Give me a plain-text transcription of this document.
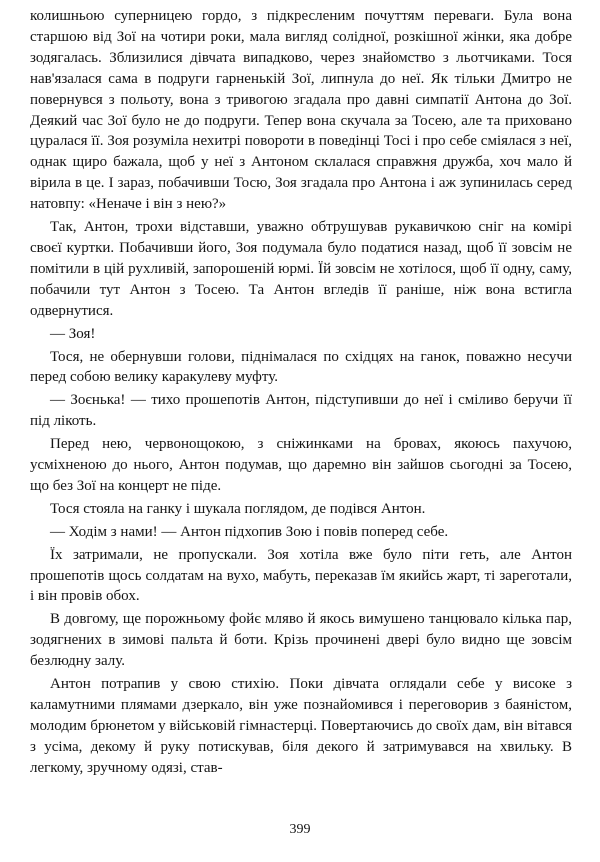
колишньою суперницею гордо, з підкресленим почуттям переваги. Була вона старшою від Зої на чотири роки, мала вигляд солідної, розкішної жінки, яка добре зодягалась. Зблизилися дівчата випадково, через знайомство з льотчиками. Тося нав'язалася сама в подруги гарненькій Зої, липнула до неї. Як тільки Дмитро не повернувся з польоту, вона з тривогою згадала про давні симпатії Антона до Зої. Деякий час Зої було не до подруги. Тепер вона скучала за Тосею, але та приховано цуралася її. Зоя розуміла нехитрі повороти в поведінці Тосі і про себе сміялася з неї, однак щиро бажала, щоб у неї з Антоном склалася справжня дружба, хоч мало й вірила в це. І зараз, побачивши Тосю, Зоя згадала про Антона і аж зупинилась серед натовпу: «Неначе і він з нею?»

Так, Антон, трохи відставши, уважно обтрушував рукавичкою сніг на комірі своєї куртки. Побачивши його, Зоя подумала було податися назад, щоб її зовсім не помітили в цій рухливій, запорошеній юрмі. Їй зовсім не хотілося, щоб її одну, саму, побачили тут Антон з Тосею. Та Антон вгледів її раніше, ніж вона встигла одвернутися.

— Зоя!

Тося, не обернувши голови, піднімалася по східцях на ганок, поважно несучи перед собою велику каракулеву муфту.

— Зоєнька! — тихо прошепотів Антон, підступивши до неї і сміливо беручи її під лікоть.

Перед нею, червонощокою, з сніжинками на бровах, якоюсь пахучою, усміхненою до нього, Антон подумав, що даремно він зайшов сьогодні за Тосею, що без Зої на концерт не піде.

Тося стояла на ганку і шукала поглядом, де подівся Антон.

— Ходім з нами! — Антон підхопив Зою і повів поперед себе.

Їх затримали, не пропускали. Зоя хотіла вже було піти геть, але Антон прошепотів щось солдатам на вухо, мабуть, переказав їм якийсь жарт, ті зареготали, і він провів обох.

В довгому, ще порожньому фойє мляво й якось вимушено танцювало кілька пар, зодягнених в зимові пальта й боти. Крізь прочинені двері було видно ще зовсім безлюдну залу.

Антон потрапив у свою стихію. Поки дівчата оглядали себе у високе з каламутними плямами дзеркало, він уже познайомився і переговорив з баяністом, молодим брюнетом у військовій гімнастерці. Повертаючись до своїх дам, він вітався з усіма, декому й руку потискував, біля декого й затримувався на хвильку. В легкому, зручному одязі, став-

399
